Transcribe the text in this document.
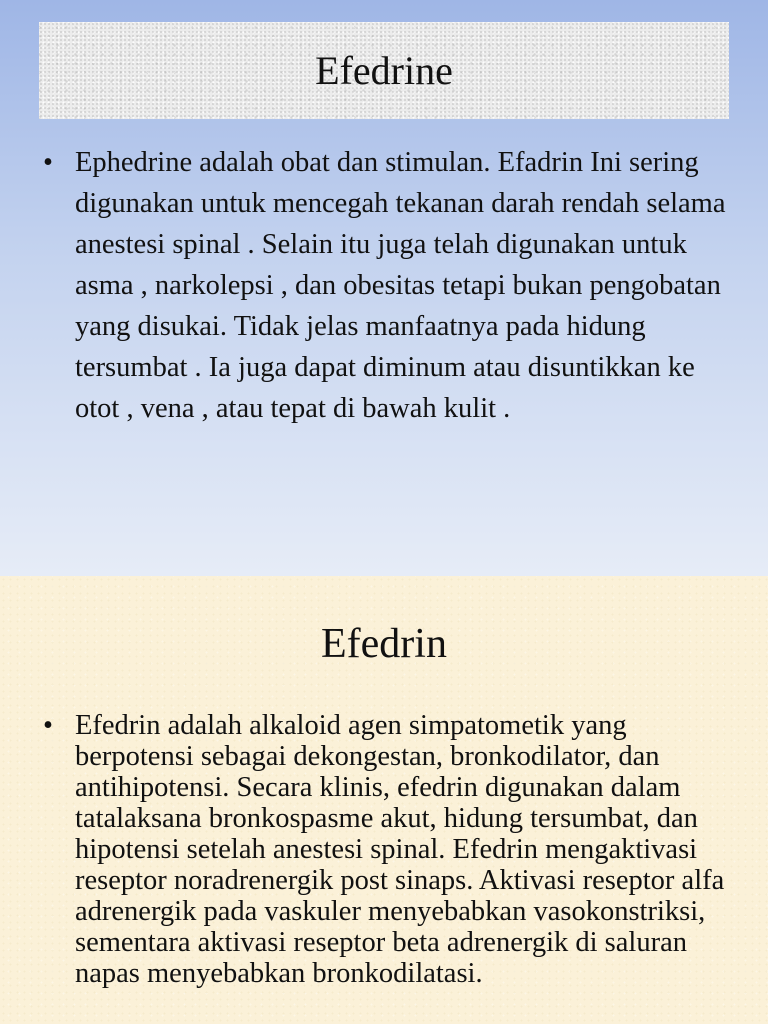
Efedrine
• Ephedrine adalah obat dan stimulan. Efadrin Ini sering digunakan untuk mencegah tekanan darah rendah selama anestesi spinal . Selain itu juga telah digunakan untuk asma , narkolepsi , dan obesitas tetapi bukan pengobatan yang disukai. Tidak jelas manfaatnya pada hidung tersumbat . Ia juga dapat diminum atau disuntikkan ke otot , vena , atau tepat di bawah kulit .
Efedrin
• Efedrin adalah alkaloid agen simpatometik yang berpotensi sebagai dekongestan, bronkodilator, dan antihipotensi. Secara klinis, efedrin digunakan dalam tatalaksana bronkospasme akut, hidung tersumbat, dan hipotensi setelah anestesi spinal. Efedrin mengaktivasi reseptor noradrenergik post sinaps. Aktivasi reseptor alfa adrenergik pada vaskuler menyebabkan vasokonstriksi, sementara aktivasi reseptor beta adrenergik di saluran napas menyebabkan bronkodilatasi.
